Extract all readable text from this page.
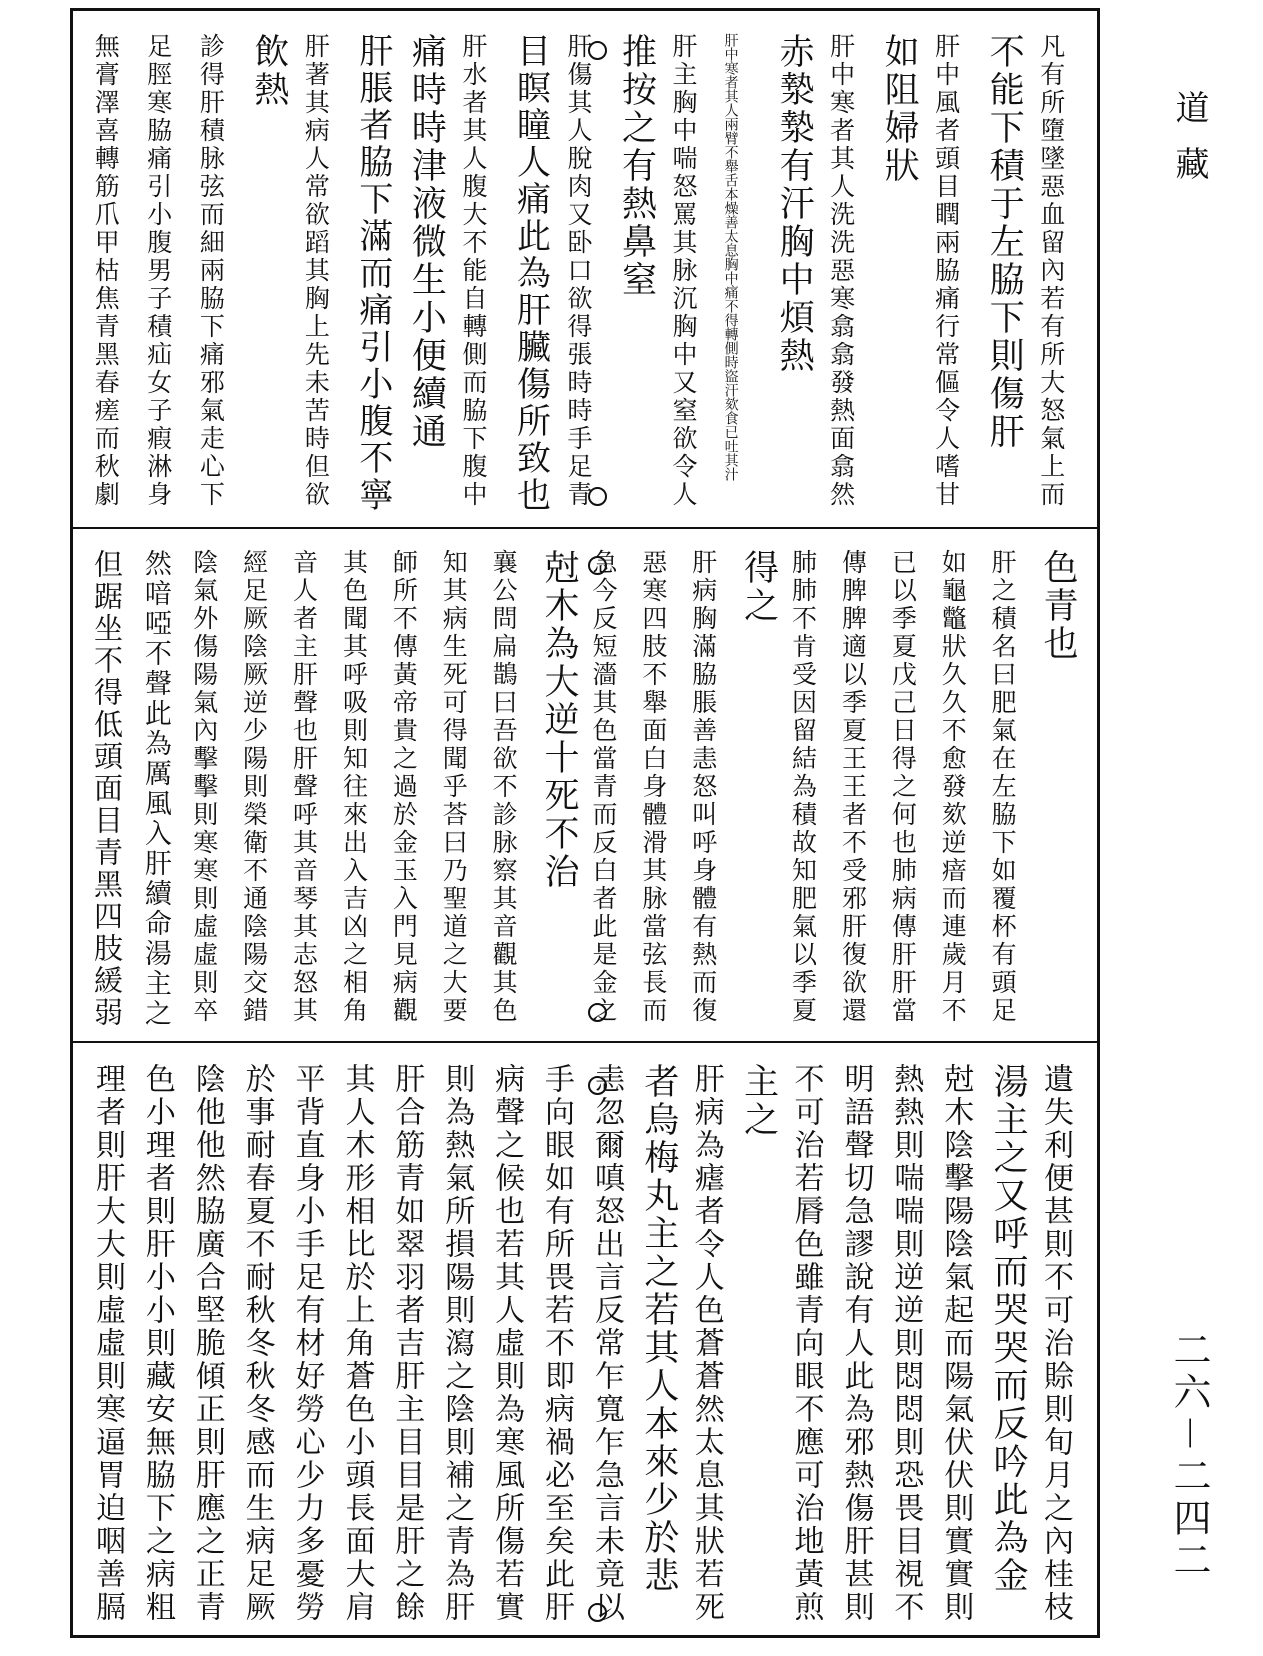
道藏
二六－二四二
凡有所墮墜惡血留內若有所大怒氣上而
不能下積于左脇下則傷肝
肝中風者頭目瞤兩脇痛行常傴令人嗜甘
如阻婦狀
肝中寒者其人洗洗惡寒翕翕發熱面翕然
赤漐漐有汗胸中煩熱
肝中寒者其人兩臂不舉舌本燥善太息胸中痛不得轉側時盜汗欬食已吐其汁
肝主胸中喘怒罵其脉沉胸中又窒欲令人
推按之有熱鼻窒
肝傷其人脫肉又卧口欲得張時時手足青
目瞑瞳人痛此為肝臟傷所致也
肝水者其人腹大不能自轉側而脇下腹中
痛時時津液微生小便續通
肝脹者脇下滿而痛引小腹不寧
肝著其病人常欲蹈其胸上先未苦時但欲
飲熱
診得肝積脉弦而細兩脇下痛邪氣走心下
足脛寒脇痛引小腹男子積疝女子瘕淋身
無膏澤喜轉筋爪甲枯焦青黑春瘥而秋劇
色青也
肝之積名曰肥氣在左脇下如覆杯有頭足
如龜鼈狀久久不愈發欬逆瘖而連歲月不
已以季夏戊己日得之何也肺病傳肝肝當
傳脾脾適以季夏王王者不受邪肝復欲還
肺肺不肯受因留結為積故知肥氣以季夏
得之
肝病胸滿脇脹善恚怒叫呼身體有熱而復
惡寒四肢不舉面白身體滑其脉當弦長而
急今反短濇其色當青而反白者此是金之
尅木為大逆十死不治
襄公問扁鵲曰吾欲不診脉察其音觀其色
知其病生死可得聞乎荅曰乃聖道之大要
師所不傳黃帝貴之過於金玉入門見病觀
其色聞其呼吸則知往來出入吉凶之相角
音人者主肝聲也肝聲呼其音琴其志怒其
經足厥陰厥逆少陽則榮衛不通陰陽交錯
陰氣外傷陽氣內擊擊則寒寒則虛虛則卒
然喑啞不聲此為厲風入肝續命湯主之
但踞坐不得低頭面目青黑四肢緩弱
遺失利便甚則不可治賒則旬月之內桂枝
湯主之又呼而哭哭而反吟此為金
尅木陰擊陽陰氣起而陽氣伏伏則實實則
熱熱則喘喘則逆逆則悶悶則恐畏目視不
明語聲切急謬說有人此為邪熱傷肝甚則
不可治若脣色雖青向眼不應可治地黃煎
主之
肝病為瘧者令人色蒼蒼然太息其狀若死
者烏梅丸主之若其人本來少於悲
恚忽爾嗔怒出言反常乍寬乍急言未竟以
手向眼如有所畏若不即病禍必至矣此肝
病聲之候也若其人虛則為寒風所傷若實
則為熱氣所損陽則瀉之陰則補之青為肝
肝合筋青如翠羽者吉肝主目目是肝之餘
其人木形相比於上角蒼色小頭長面大肩
平背直身小手足有材好勞心少力多憂勞
於事耐春夏不耐秋冬秋冬感而生病足厥
陰他他然脇廣合堅脆傾正則肝應之正青
色小理者則肝小小則藏安無脇下之病粗
理者則肝大大則虛虛則寒逼胃迫咽善膈
